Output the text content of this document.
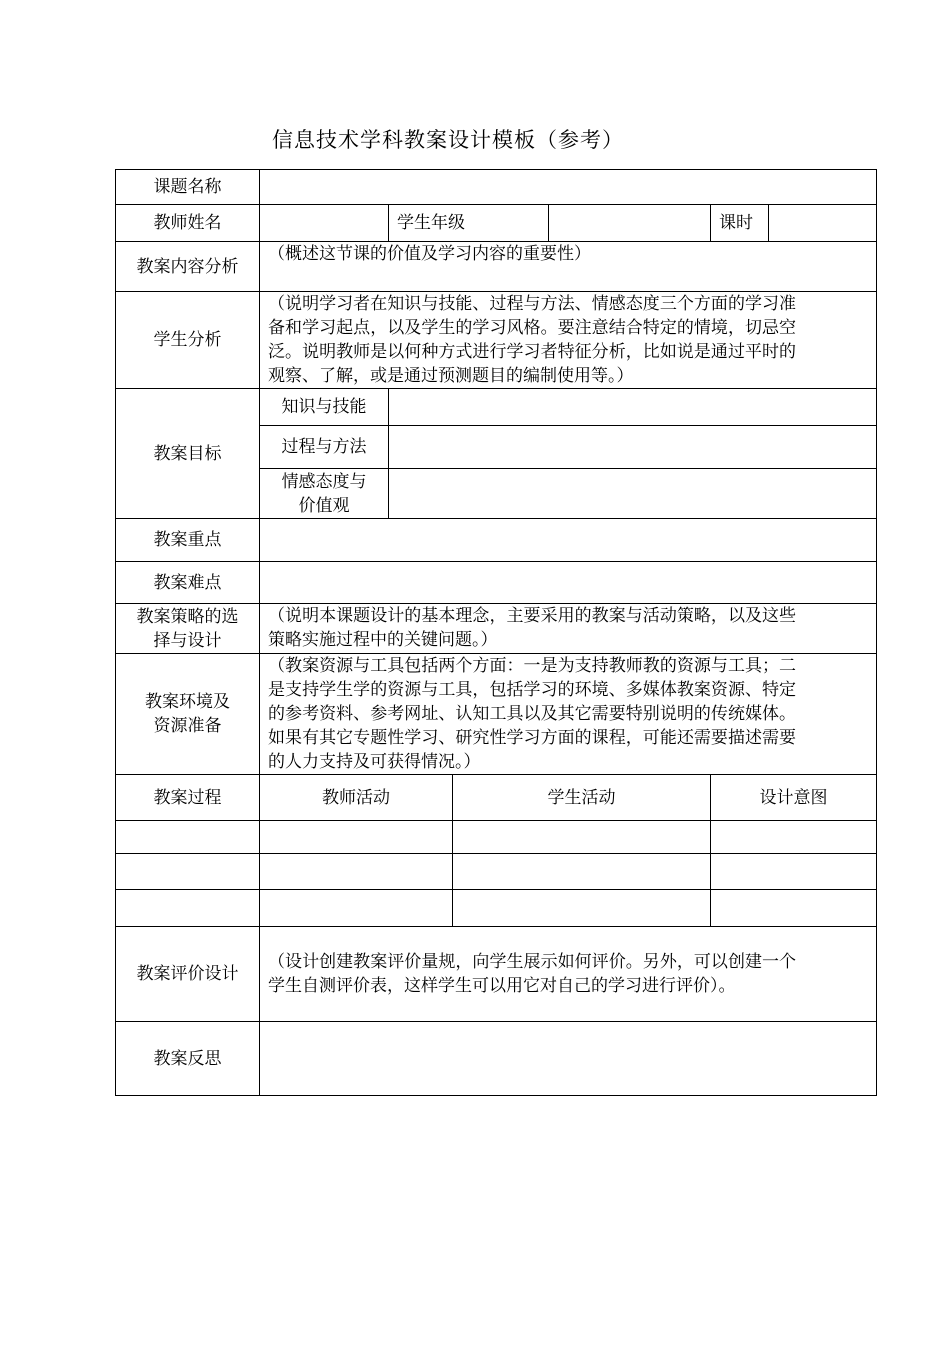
信息技术学科教案设计模板（参考）
课题名称						
教师姓名		学生年级			课时	
教案内容分析	（概述这节课的价值及学习内容的重要性）					
学生分析	（说明学习者在知识与技能、过程与方法、情感态度三个方面的学习准备和学习起点，以及学生的学习风格。要注意结合特定的情境，切忌空泛。说明教师是以何种方式进行学习者特征分析，比如说是通过平时的观察、了解，或是通过预测题目的编制使用等。）					
教案目标	知识与技能					
	过程与方法					

	情感态度与
价值观					

教案重点						
教案难点						

教案策略的选
择与设计	（说明本课题设计的基本理念，主要采用的教案与活动策略，以及这些策略实施过程中的关键问题。）					

教案环境及
资源准备	（教案资源与工具包括两个方面：一是为支持教师教的资源与工具；二是支持学生学的资源与工具，包括学习的环境、多媒体教案资源、特定的参考资料、参考网址、认知工具以及其它需要特别说明的传统媒体。如果有其它专题性学习、研究性学习方面的课程，可能还需要描述需要的人力支持及可获得情况。）					
教案过程	教师活动		学生活动		设计意图	

教案评价设计	（设计创建教案评价量规，向学生展示如何评价。另外，可以创建一个学生自测评价表，这样学生可以用它对自己的学习进行评价）。					
教案反思						
